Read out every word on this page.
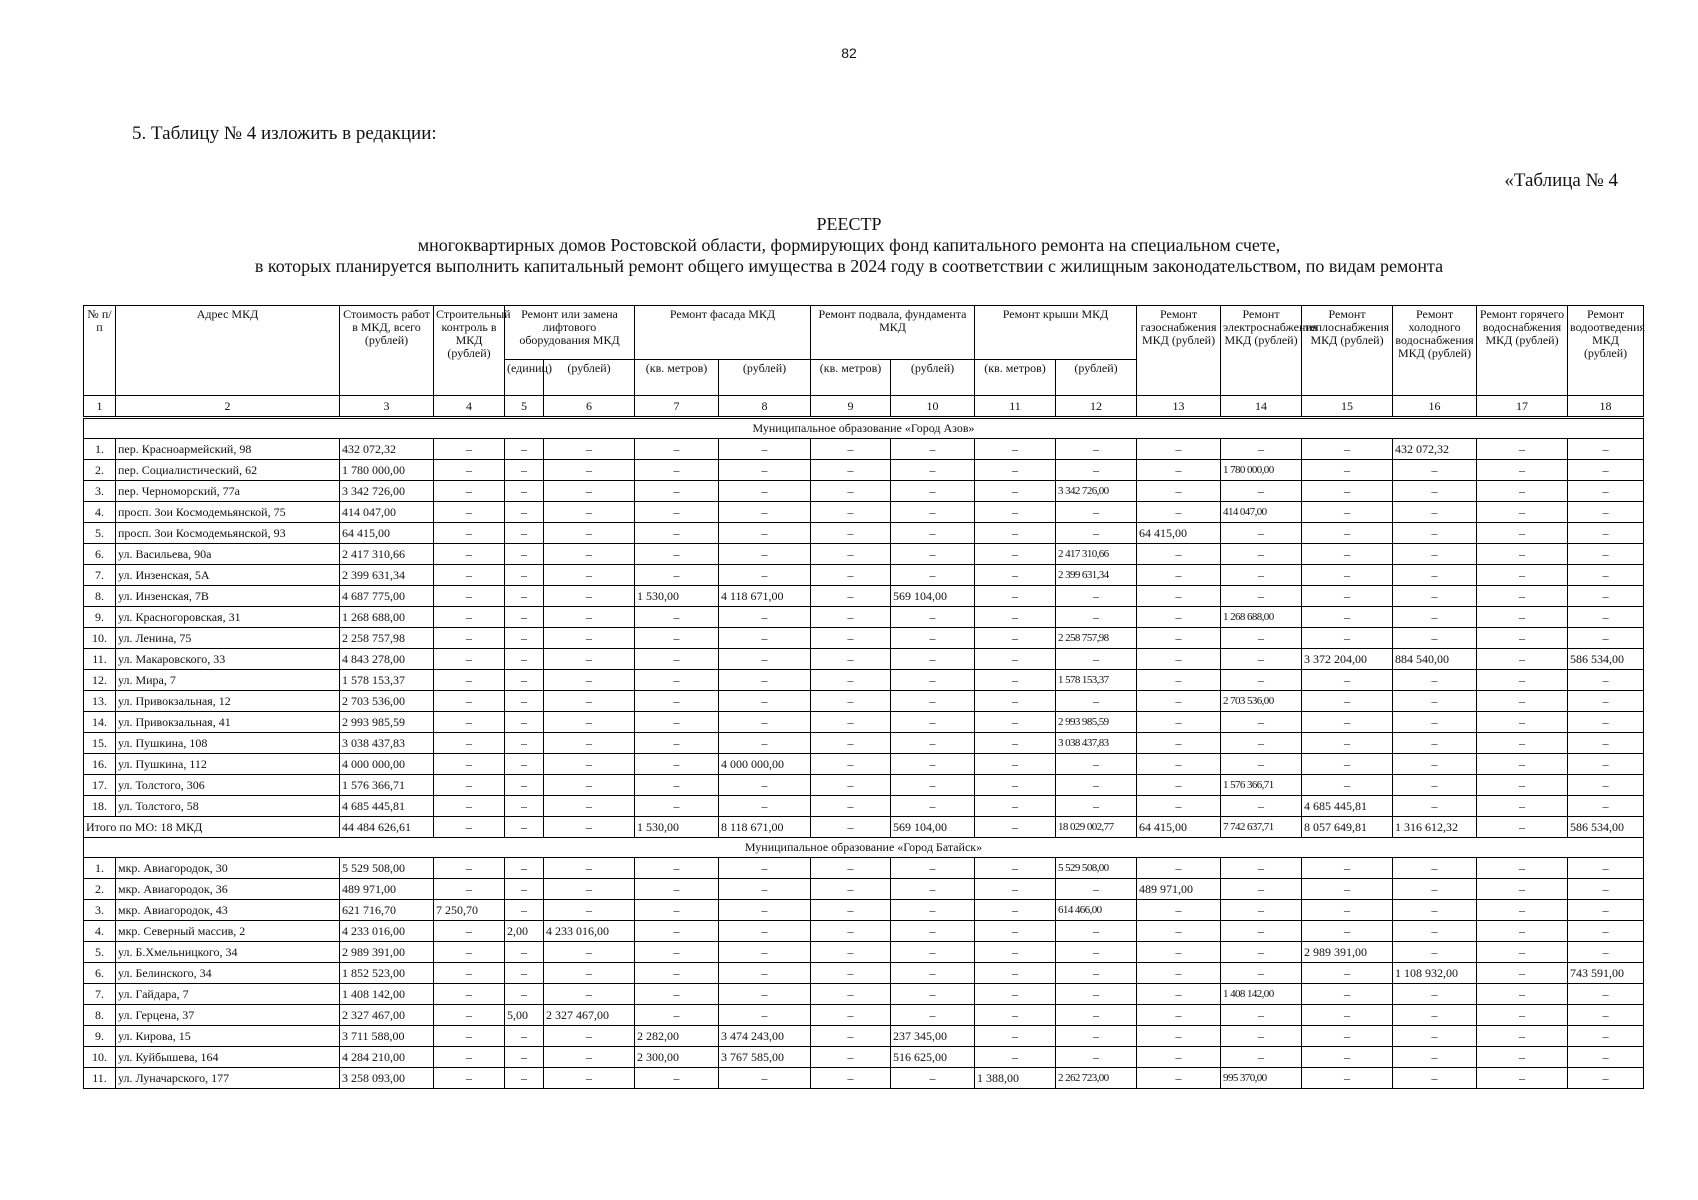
82
5. Таблицу № 4 изложить в редакции:
«Таблица № 4
РЕЕСТР
многоквартирных домов Ростовской области, формирующих фонд капитального ремонта на специальном счете,
в которых планируется выполнить капитальный ремонт общего имущества в 2024 году в соответствии с жилищным законодательством, по видам ремонта
№ п/п	Адрес МКД	Стоимость работ в МКД, всего (рублей)	Строительный контроль в МКД (рублей)	Ремонт или замена лифтового оборудования МКД		Ремонт фасада МКД		Ремонт подвала, фундамента МКД		Ремонт крыши МКД		Ремонт газоснабжения МКД (рублей)	Ремонт электроснабжения МКД (рублей)	Ремонт теплоснабжения МКД (рублей)	Ремонт холодного водоснабжения МКД (рублей)	Ремонт горячего водоснабжения МКД (рублей)	Ремонт водоотведения МКД (рублей)
				(единиц)	(рублей)	(кв. метров)	(рублей)	(кв. метров)	(рублей)	(кв. метров)	(рублей)						
1	2	3	4	5	6	7	8	9	10	11	12	13	14	15	16	17	18
Муниципальное образование «Город Азов»																	
1.	пер. Красноармейский, 98	432 072,32	–	–	–	–	–	–	–	–	–	–	–	–	432 072,32	–	–
2.	пер. Социалистический, 62	1 780 000,00	–	–	–	–	–	–	–	–	–	–	1 780 000,00	–	–	–	–
3.	пер. Черноморский, 77а	3 342 726,00	–	–	–	–	–	–	–	–	3 342 726,00	–	–	–	–	–	–
4.	просп. Зои Космодемьянской, 75	414 047,00	–	–	–	–	–	–	–	–	–	–	414 047,00	–	–	–	–
5.	просп. Зои Космодемьянской, 93	64 415,00	–	–	–	–	–	–	–	–	–	64 415,00	–	–	–	–	–
6.	ул. Васильева, 90а	2 417 310,66	–	–	–	–	–	–	–	–	2 417 310,66	–	–	–	–	–	–
7.	ул. Инзенская, 5А	2 399 631,34	–	–	–	–	–	–	–	–	2 399 631,34	–	–	–	–	–	–
8.	ул. Инзенская, 7В	4 687 775,00	–	–	–	1 530,00	4 118 671,00	–	569 104,00	–	–	–	–	–	–	–	–
9.	ул. Красногоровская, 31	1 268 688,00	–	–	–	–	–	–	–	–	–	–	1 268 688,00	–	–	–	–
10.	ул. Ленина, 75	2 258 757,98	–	–	–	–	–	–	–	–	2 258 757,98	–	–	–	–	–	–
11.	ул. Макаровского, 33	4 843 278,00	–	–	–	–	–	–	–	–	–	–	–	3 372 204,00	884 540,00	–	586 534,00
12.	ул. Мира, 7	1 578 153,37	–	–	–	–	–	–	–	–	1 578 153,37	–	–	–	–	–	–
13.	ул. Привокзальная, 12	2 703 536,00	–	–	–	–	–	–	–	–	–	–	2 703 536,00	–	–	–	–
14.	ул. Привокзальная, 41	2 993 985,59	–	–	–	–	–	–	–	–	2 993 985,59	–	–	–	–	–	–
15.	ул. Пушкина, 108	3 038 437,83	–	–	–	–	–	–	–	–	3 038 437,83	–	–	–	–	–	–
16.	ул. Пушкина, 112	4 000 000,00	–	–	–	–	4 000 000,00	–	–	–	–	–	–	–	–	–	–
17.	ул. Толстого, 306	1 576 366,71	–	–	–	–	–	–	–	–	–	–	1 576 366,71	–	–	–	–
18.	ул. Толстого, 58	4 685 445,81	–	–	–	–	–	–	–	–	–	–	–	4 685 445,81	–	–	–
Итого по МО: 18 МКД		44 484 626,61	–	–	–	1 530,00	8 118 671,00	–	569 104,00	–	18 029 002,77	64 415,00	7 742 637,71	8 057 649,81	1 316 612,32	–	586 534,00
Муниципальное образование «Город Батайск»																	
1.	мкр. Авиагородок, 30	5 529 508,00	–	–	–	–	–	–	–	–	5 529 508,00	–	–	–	–	–	–
2.	мкр. Авиагородок, 36	489 971,00	–	–	–	–	–	–	–	–	–	489 971,00	–	–	–	–	–
3.	мкр. Авиагородок, 43	621 716,70	7 250,70	–	–	–	–	–	–	–	614 466,00	–	–	–	–	–	–
4.	мкр. Северный массив, 2	4 233 016,00	–	2,00	4 233 016,00	–	–	–	–	–	–	–	–	–	–	–	–
5.	ул. Б.Хмельницкого, 34	2 989 391,00	–	–	–	–	–	–	–	–	–	–	–	2 989 391,00	–	–	–
6.	ул. Белинского, 34	1 852 523,00	–	–	–	–	–	–	–	–	–	–	–	–	1 108 932,00	–	743 591,00
7.	ул. Гайдара, 7	1 408 142,00	–	–	–	–	–	–	–	–	–	–	1 408 142,00	–	–	–	–
8.	ул. Герцена, 37	2 327 467,00	–	5,00	2 327 467,00	–	–	–	–	–	–	–	–	–	–	–	–
9.	ул. Кирова, 15	3 711 588,00	–	–	–	2 282,00	3 474 243,00	–	237 345,00	–	–	–	–	–	–	–	–
10.	ул. Куйбышева, 164	4 284 210,00	–	–	–	2 300,00	3 767 585,00	–	516 625,00	–	–	–	–	–	–	–	–
11.	ул. Луначарского, 177	3 258 093,00	–	–	–	–	–	–	–	1 388,00	2 262 723,00	–	995 370,00	–	–	–	–
